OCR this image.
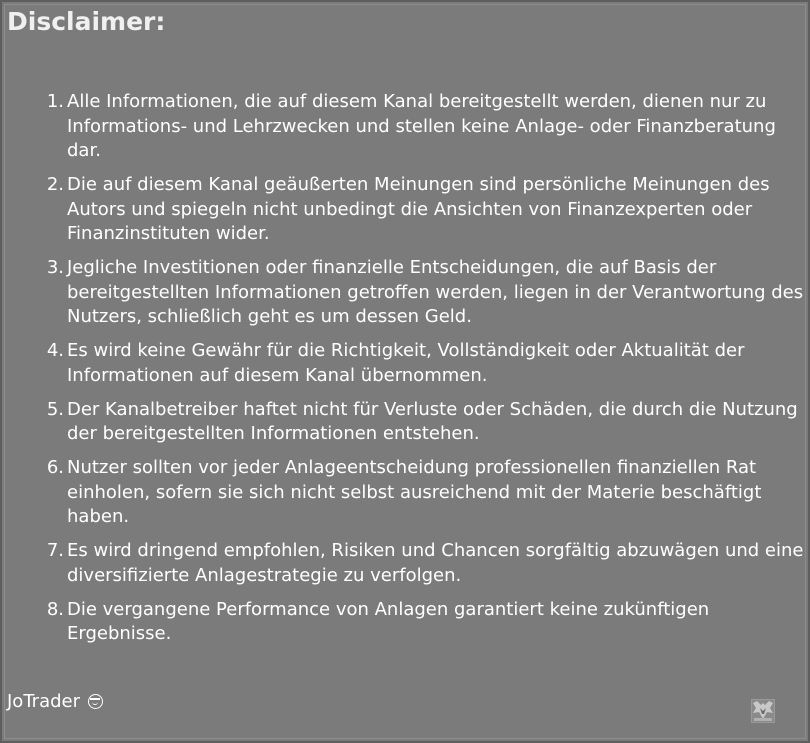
Disclaimer:
1. Alle Informationen, die auf diesem Kanal bereitgestellt werden, dienen nur zu Informations- und Lehrzwecken und stellen keine Anlage- oder Finanzberatung dar.
2. Die auf diesem Kanal geäußerten Meinungen sind persönliche Meinungen des Autors und spiegeln nicht unbedingt die Ansichten von Finanzexperten oder Finanzinstituten wider.
3. Jegliche Investitionen oder finanzielle Entscheidungen, die auf Basis der bereitgestellten Informationen getroffen werden, liegen in der Verantwortung des Nutzers, schließlich geht es um dessen Geld.
4. Es wird keine Gewähr für die Richtigkeit, Vollständigkeit oder Aktualität der Informationen auf diesem Kanal übernommen.
5. Der Kanalbetreiber haftet nicht für Verluste oder Schäden, die durch die Nutzung der bereitgestellten Informationen entstehen.
6. Nutzer sollten vor jeder Anlageentscheidung professionellen finanziellen Rat einholen, sofern sie sich nicht selbst ausreichend mit der Materie beschäftigt haben.
7. Es wird dringend empfohlen, Risiken und Chancen sorgfältig abzuwägen und eine diversifizierte Anlagestrategie zu verfolgen.
8. Die vergangene Performance von Anlagen garantiert keine zukünftigen Ergebnisse.
JoTrader
